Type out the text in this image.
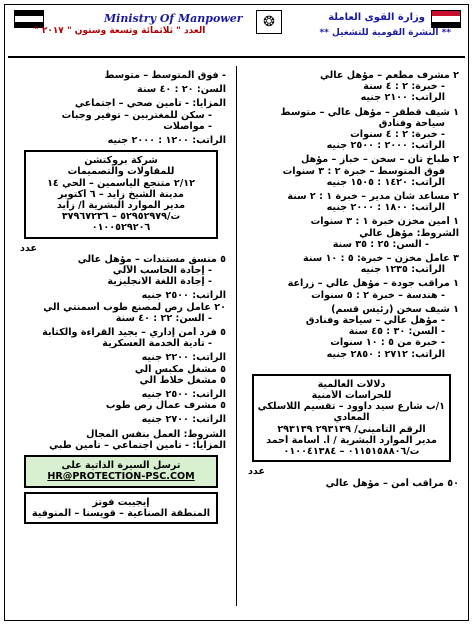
Ministry Of Manpower	❂	وزارة القوى العاملة
** النشرة القومية للتشغيل **
العدد " ثلاثمائة وتسعة وستون " ٢٠١٧ "
٢ مشرف مطعم – مؤهل عالي
- خبرة: ٢ : ٤ سنة
الراتب: ٢١٠٠ جنيه
١ شيف قطقر – مؤهل عالي – متوسط
سياحة وفنادق
- خبرة: ٢ : ٤ سنوات
الراتب: ٢٠٠٠ : ٢٥٠٠ جنيه
٢ طباخ تان – سخن – خباز – مؤهل
فوق المتوسط – خبرة ٢ : ٣ سنوات
الراتب: ١٤٢٠ : ١٥٠٥ جنيه
٢ مساعد شان مدير – خبرة ١ : ٢ سنة
الراتب: ١٨٠٠ : ٢٠٠٠ جنيه
١ أمين مخزن خبرة ١ : ٣ سنوات
الشروط: مؤهل عالي
- السن: ٢٥ : ٣٥ سنة
٣ عامل مخزن – خبرة: ٥ : ١٠ سنة
الراتب: ١٢٣٥ جنيه
١ مراقب جودة – مؤهل عالي – زراعة
- هندسة – خبرة ٢ : ٥ سنوات
١ شيف سخن (رئيس قسم)
- مؤهل عالي – سياحة وفنادق
- السن: ٣٠ : ٤٥ سنة
- خبرة من ٥ : ١٠ سنوات
الراتب: ٢٧١٢ : ٢٨٥٠ جنيه
دلالات العالمية
للحراسات الأمنية
١/ب شارع سيد داوود – تقسيم اللاسلكي
المعادي
الرقم التأميني/ ٢٩٣١٣٩ ٢٩٣١٣٩
مدير الموارد البشرية / أ. أسامة أحمد
ت/٠١١٥١٥٨٨٠٦ – ٠١٠٠٤١٣٨٤
عدد
٥٠ مراقب أمن – مؤهل عالي
- فوق المتوسط – متوسط
السن: ٢٠ : ٤٠ سنة
المزايا: - تأمين صحي – اجتماعي
- سكن للمغتربين – توفير وجبات
- مواصلات
الراتب: ١٢٠٠ : ٢٠٠٠ جنيه
شركة بروكتشن
للمقاولات والتصميمات
٢/١٢ متنجع الياسمين – الحي ١٤
مدينة الشيخ زايد – ٦ أكتوبر
مدير الموارد البشرية أ/ زايد
ت/٥٢٩٥٢٩٧٩ – ٣٧٩٦٧٢٣٦
٠١٠٠٥٢٩٢٠٦
عدد
٥ منسق مستندات – مؤهل عالي
- إجادة الحاسب الآلي
- إجادة اللغة الانجليزية
الراتب: ٢٥٠٠ جنيه
٢٠ عامل رص لمصنع طوب أسمنتي آلي
- السن: ٢٢ : ٤٠ سنة
٥ فرد أمن إداري – يجيد القراءة والكتابة
- تأدية الخدمة العسكرية
الراتب: ٢٢٠٠ جنيه
٥ مشغل مكبس آلي
٥ مشغل خلاط آلي
الراتب: ٢٥٠٠ جنيه
٥ مشرف عمال رص طوب
الراتب: ٢٧٠٠ جنيه
الشروط: العمل بنفس المجال
المزايا: - تأمين اجتماعي – تأمين طبي
ترسل السيرة الذاتية على
HR@PROTECTION-PSC.COM
إيجيبت فوتز
المنطقة الصناعية – قويسنا – المنوفية
